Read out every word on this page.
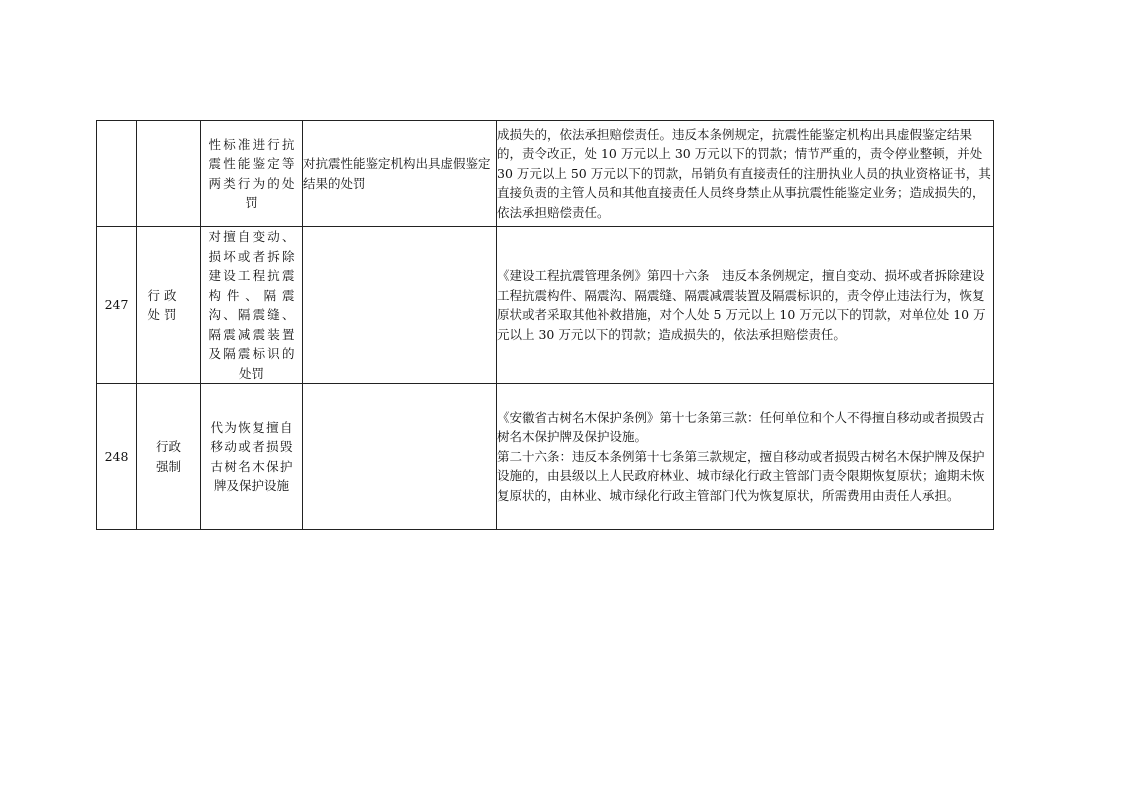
		性标准进行抗震性能鉴定等两类行为的处罚	对抗震性能鉴定机构出具虚假鉴定结果的处罚	成损失的，依法承担赔偿责任。违反本条例规定，抗震性能鉴定机构出具虚假鉴定结果的，责令改正，处 10 万元以上 30 万元以下的罚款；情节严重的，责令停业整顿，并处 30 万元以上 50 万元以下的罚款，吊销负有直接责任的注册执业人员的执业资格证书，其直接负责的主管人员和其他直接责任人员终身禁止从事抗震性能鉴定业务；造成损失的，依法承担赔偿责任。

247	行 政 处 罚	对擅自变动、损坏或者拆除建设工程抗震构件、隔震沟、隔震缝、隔震减震装置及隔震标识的处罚		《建设工程抗震管理条例》第四十六条　违反本条例规定，擅自变动、损坏或者拆除建设工程抗震构件、隔震沟、隔震缝、隔震减震装置及隔震标识的，责令停止违法行为，恢复原状或者采取其他补救措施，对个人处 5 万元以上 10 万元以下的罚款，对单位处 10 万元以上 30 万元以下的罚款；造成损失的，依法承担赔偿责任。

248	行政强制	代为恢复擅自移动或者损毁古树名木保护牌及保护设施		《安徽省古树名木保护条例》第十七条第三款：任何单位和个人不得擅自移动或者损毁古树名木保护牌及保护设施。
第二十六条：违反本条例第十七条第三款规定，擅自移动或者损毁古树名木保护牌及保护设施的，由县级以上人民政府林业、城市绿化行政主管部门责令限期恢复原状；逾期未恢复原状的，由林业、城市绿化行政主管部门代为恢复原状，所需费用由责任人承担。
